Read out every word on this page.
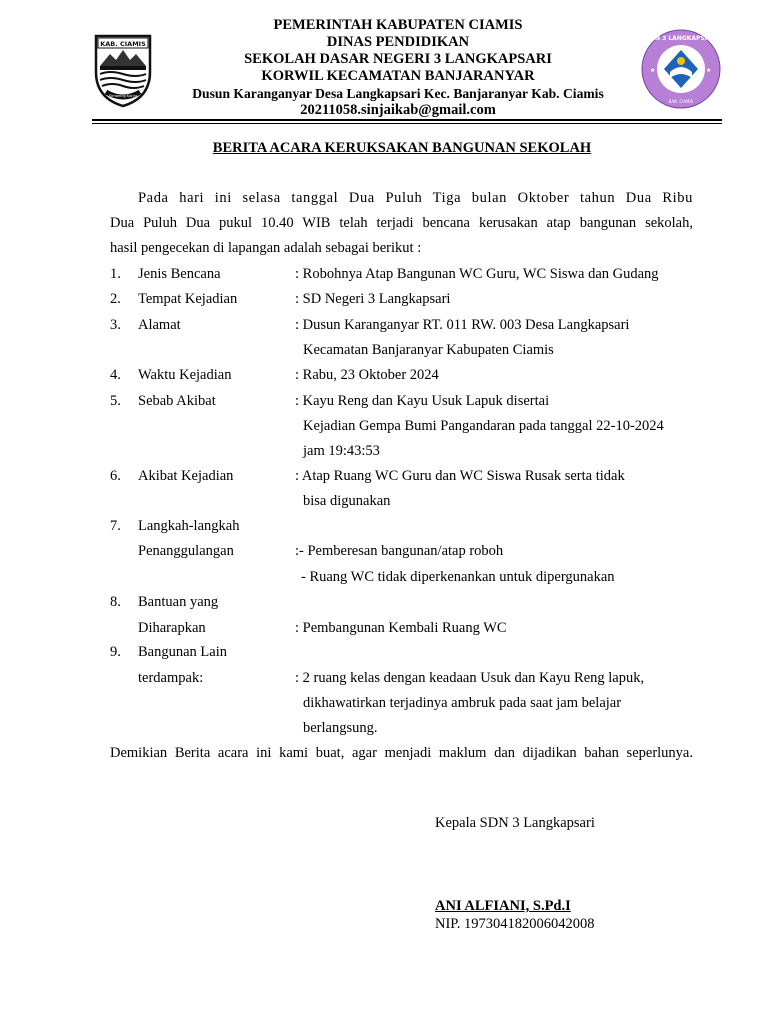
KAB. CIAMIS
Sirnaning Karya
SDN 3 LANGKAPSARI
KAB. CIAMIS
★	★
PEMERINTAH KABUPATEN CIAMIS
DINAS PENDIDIKAN
SEKOLAH DASAR NEGERI 3 LANGKAPSARI
KORWIL KECAMATAN BANJARANYAR
Dusun Karanganyar Desa Langkapsari Kec. Banjaranyar Kab. Ciamis
20211058.sinjaikab@gmail.com
BERITA ACARA KERUKSAKAN BANGUNAN SEKOLAH
Pada hari ini selasa tanggal Dua Puluh Tiga bulan Oktober tahun Dua Ribu
Dua Puluh Dua pukul 10.40 WIB telah terjadi bencana kerusakan atap bangunan sekolah,
hasil pengecekan di lapangan adalah sebagai berikut :
1. Jenis Bencana	: Robohnya Atap Bangunan WC Guru, WC Siswa dan Gudang
2. Tempat Kejadian	: SD Negeri 3 Langkapsari
3. Alamat	: Dusun Karanganyar RT. 011 RW. 003 Desa Langkapsari
Kecamatan Banjaranyar Kabupaten Ciamis
4. Waktu Kejadian	: Rabu, 23 Oktober 2024
5. Sebab Akibat	: Kayu Reng dan Kayu Usuk Lapuk disertai
Kejadian Gempa Bumi Pangandaran pada tanggal 22-10-2024
jam 19:43:53
6. Akibat Kejadian	: Atap Ruang WC Guru dan WC Siswa Rusak serta tidak
bisa digunakan
7. Langkah-langkah
Penanggulangan	:- Pemberesan bangunan/atap roboh
- Ruang WC tidak diperkenankan untuk dipergunakan
8. Bantuan yang
Diharapkan	: Pembangunan Kembali Ruang WC
9. Bangunan Lain
terdampak:	: 2 ruang kelas dengan keadaan Usuk dan Kayu Reng lapuk,
dikhawatirkan terjadinya ambruk pada saat jam belajar
berlangsung.
Demikian Berita acara ini kami buat, agar menjadi maklum dan dijadikan bahan seperlunya.
Kepala SDN 3 Langkapsari
ANI ALFIANI, S.Pd.I
NIP. 197304182006042008
